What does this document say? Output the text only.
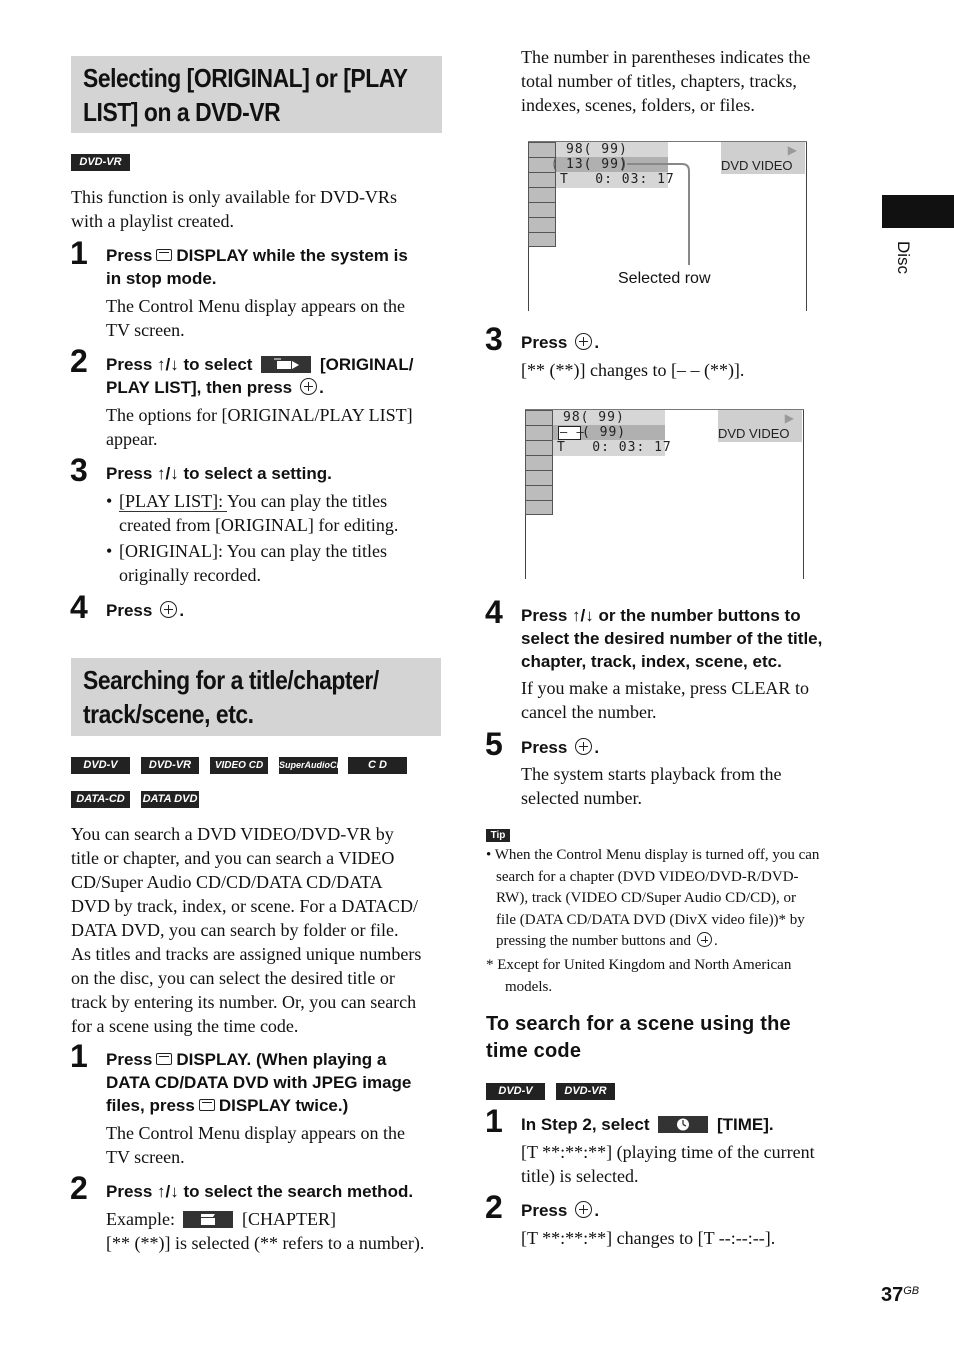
Selecting [ORIGINAL] or [PLAY
LIST] on a DVD-VR
DVD-VR
This function is only available for DVD-VRs
with a playlist created.
1 Press DISPLAY while the system is
in stop mode.
The Control Menu display appears on the
TV screen.
2 Press ↑/↓ to select	[ORIGINAL/
PLAY LIST], then press .
The options for [ORIGINAL/PLAY LIST]
appear.
3 Press ↑/↓ to select a setting.
• [PLAY LIST]: You can play the titles
created from [ORIGINAL] for editing.
• [ORIGINAL]: You can play the titles
originally recorded.
4 Press .
Searching for a title/chapter/
track/scene, etc.
DVD-V	DVD-VR	VIDEO CD	SuperAudioCD	C D
DATA-CD	DATA DVD
You can search a DVD VIDEO/DVD-VR by
title or chapter, and you can search a VIDEO
CD/Super Audio CD/CD/DATA CD/DATA
DVD by track, index, or scene. For a DATACD/
DATA DVD, you can search by folder or file.
As titles and tracks are assigned unique numbers
on the disc, you can select the desired title or
track by entering its number. Or, you can search
for a scene using the time code.
1 Press DISPLAY. (When playing a
DATA CD/DATA DVD with JPEG image
files, press DISPLAY twice.)
The Control Menu display appears on the
TV screen.
2 Press ↑/↓ to select the search method.
Example:	[CHAPTER]
[** (**)] is selected (** refers to a number).
The number in parentheses indicates the
total number of titles, chapters, tracks,
indexes, scenes, folders, or files.
98( 99)
13( 99)
T   0: 03: 17
DVD VIDEO
▶
Selected row
3 Press .
[** (**)] changes to [– – (**)].
98( 99)
– –
( 99)
T   0: 03: 17
DVD VIDEO
▶
4 Press ↑/↓ or the number buttons to
select the desired number of the title,
chapter, track, index, scene, etc.
If you make a mistake, press CLEAR to
cancel the number.
5 Press .
The system starts playback from the
selected number.
Tip
• When the Control Menu display is turned off, you can
search for a chapter (DVD VIDEO/DVD-R/DVD-
RW), track (VIDEO CD/Super Audio CD/CD), or
file (DATA CD/DATA DVD (DivX video file))* by
pressing the number buttons and .
* Except for United Kingdom and North American
models.
To search for a scene using the
time code
DVD-V	DVD-VR
1 In Step 2, select	[TIME].
[T **:**:**] (playing time of the current
title) is selected.
2 Press .
[T **:**:**] changes to [T --:--:--].
Disc
$37^{GB}$
